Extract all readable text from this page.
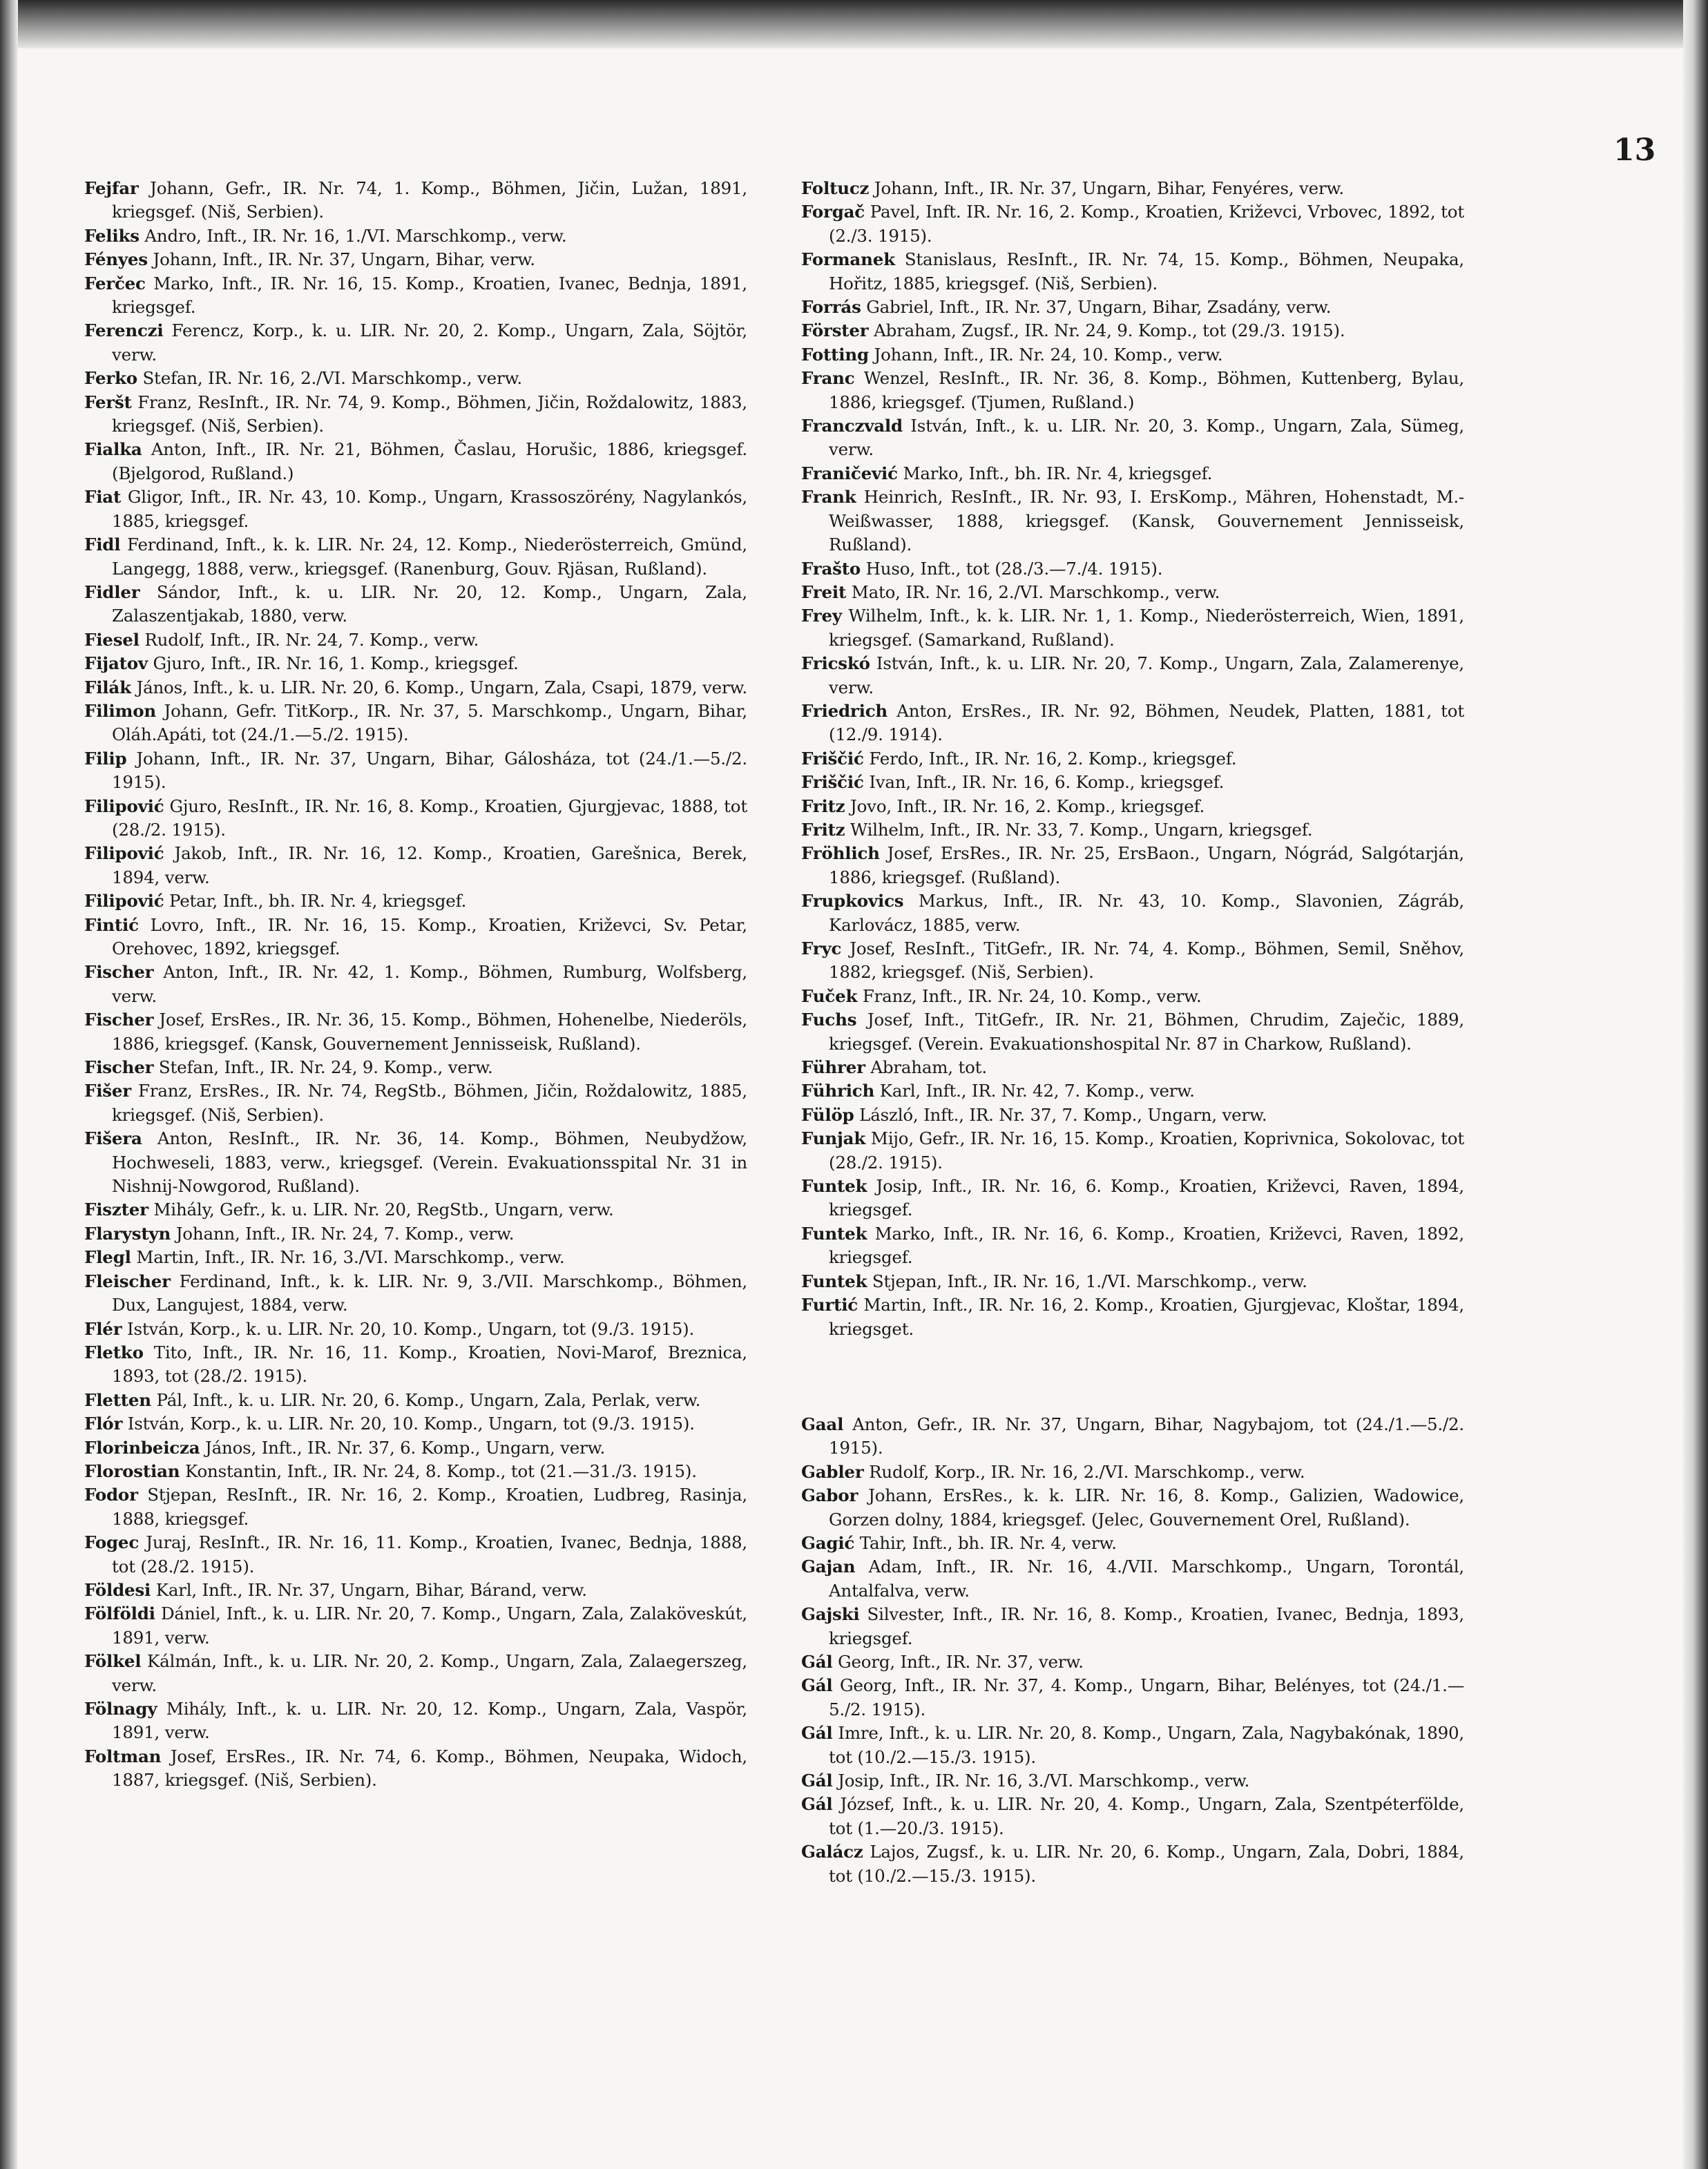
13

Fejfar Johann, Gefr., IR. Nr. 74, 1. Komp., Böhmen, Jičin, Lužan, 1891, kriegsgef. (Niš, Serbien).

Feliks Andro, Inft., IR. Nr. 16, 1./VI. Marschkomp., verw.

Fényes Johann, Inft., IR. Nr. 37, Ungarn, Bihar, verw.

Ferčec Marko, Inft., IR. Nr. 16, 15. Komp., Kroatien, Ivanec, Bednja, 1891, kriegsgef.

Ferenczi Ferencz, Korp., k. u. LIR. Nr. 20, 2. Komp., Ungarn, Zala, Söjtör, verw.

Ferko Stefan, IR. Nr. 16, 2./VI. Marschkomp., verw.

Feršt Franz, ResInft., IR. Nr. 74, 9. Komp., Böhmen, Jičin, Roždalowitz, 1883, kriegsgef. (Niš, Serbien).

Fialka Anton, Inft., IR. Nr. 21, Böhmen, Časlau, Horušic, 1886, kriegsgef. (Bjelgorod, Rußland.)

Fiat Gligor, Inft., IR. Nr. 43, 10. Komp., Ungarn, Krassoszörény, Nagylankós, 1885, kriegsgef.

Fidl Ferdinand, Inft., k. k. LIR. Nr. 24, 12. Komp., Niederösterreich, Gmünd, Langegg, 1888, verw., kriegsgef. (Ranenburg, Gouv. Rjäsan, Rußland).

Fidler Sándor, Inft., k. u. LIR. Nr. 20, 12. Komp., Ungarn, Zala, Zalaszentjakab, 1880, verw.

Fiesel Rudolf, Inft., IR. Nr. 24, 7. Komp., verw.

Fijatov Gjuro, Inft., IR. Nr. 16, 1. Komp., kriegsgef.

Filák János, Inft., k. u. LIR. Nr. 20, 6. Komp., Ungarn, Zala, Csapi, 1879, verw.

Filimon Johann, Gefr. TitKorp., IR. Nr. 37, 5. Marschkomp., Ungarn, Bihar, Oláh.Apáti, tot (24./1.—5./2. 1915).

Filip Johann, Inft., IR. Nr. 37, Ungarn, Bihar, Gálosháza, tot (24./1.—5./2. 1915).

Filipović Gjuro, ResInft., IR. Nr. 16, 8. Komp., Kroatien, Gjurgjevac, 1888, tot (28./2. 1915).

Filipović Jakob, Inft., IR. Nr. 16, 12. Komp., Kroatien, Garešnica, Berek, 1894, verw.

Filipović Petar, Inft., bh. IR. Nr. 4, kriegsgef.

Fintić Lovro, Inft., IR. Nr. 16, 15. Komp., Kroatien, Križevci, Sv. Petar, Orehovec, 1892, kriegsgef.

Fischer Anton, Inft., IR. Nr. 42, 1. Komp., Böhmen, Rumburg, Wolfsberg, verw.

Fischer Josef, ErsRes., IR. Nr. 36, 15. Komp., Böhmen, Hohenelbe, Niederöls, 1886, kriegsgef. (Kansk, Gouvernement Jennisseisk, Rußland).

Fischer Stefan, Inft., IR. Nr. 24, 9. Komp., verw.

Fišer Franz, ErsRes., IR. Nr. 74, RegStb., Böhmen, Jičin, Roždalowitz, 1885, kriegsgef. (Niš, Serbien).

Fišera Anton, ResInft., IR. Nr. 36, 14. Komp., Böhmen, Neubydžow, Hochweseli, 1883, verw., kriegsgef. (Verein. Evakuationsspital Nr. 31 in Nishnij-Nowgorod, Rußland).

Fiszter Mihály, Gefr., k. u. LIR. Nr. 20, RegStb., Ungarn, verw.

Flarystyn Johann, Inft., IR. Nr. 24, 7. Komp., verw.

Flegl Martin, Inft., IR. Nr. 16, 3./VI. Marschkomp., verw.

Fleischer Ferdinand, Inft., k. k. LIR. Nr. 9, 3./VII. Marschkomp., Böhmen, Dux, Langujest, 1884, verw.

Flér István, Korp., k. u. LIR. Nr. 20, 10. Komp., Ungarn, tot (9./3. 1915).

Fletko Tito, Inft., IR. Nr. 16, 11. Komp., Kroatien, Novi-Marof, Breznica, 1893, tot (28./2. 1915).

Fletten Pál, Inft., k. u. LIR. Nr. 20, 6. Komp., Ungarn, Zala, Perlak, verw.

Flór István, Korp., k. u. LIR. Nr. 20, 10. Komp., Ungarn, tot (9./3. 1915).

Florinbeicza János, Inft., IR. Nr. 37, 6. Komp., Ungarn, verw.

Florostian Konstantin, Inft., IR. Nr. 24, 8. Komp., tot (21.—31./3. 1915).

Fodor Stjepan, ResInft., IR. Nr. 16, 2. Komp., Kroatien, Ludbreg, Rasinja, 1888, kriegsgef.

Fogec Juraj, ResInft., IR. Nr. 16, 11. Komp., Kroatien, Ivanec, Bednja, 1888, tot (28./2. 1915).

Földesi Karl, Inft., IR. Nr. 37, Ungarn, Bihar, Bárand, verw.

Fölföldi Dániel, Inft., k. u. LIR. Nr. 20, 7. Komp., Ungarn, Zala, Zalaköveskút, 1891, verw.

Fölkel Kálmán, Inft., k. u. LIR. Nr. 20, 2. Komp., Ungarn, Zala, Zalaegerszeg, verw.

Fölnagy Mihály, Inft., k. u. LIR. Nr. 20, 12. Komp., Ungarn, Zala, Vaspör, 1891, verw.

Foltman Josef, ErsRes., IR. Nr. 74, 6. Komp., Böhmen, Neupaka, Widoch, 1887, kriegsgef. (Niš, Serbien).

Foltucz Johann, Inft., IR. Nr. 37, Ungarn, Bihar, Fenyéres, verw.

Forgač Pavel, Inft. IR. Nr. 16, 2. Komp., Kroatien, Križevci, Vrbovec, 1892, tot (2./3. 1915).

Formanek Stanislaus, ResInft., IR. Nr. 74, 15. Komp., Böhmen, Neupaka, Hořitz, 1885, kriegsgef. (Niš, Serbien).

Forrás Gabriel, Inft., IR. Nr. 37, Ungarn, Bihar, Zsadány, verw.

Förster Abraham, Zugsf., IR. Nr. 24, 9. Komp., tot (29./3. 1915).

Fotting Johann, Inft., IR. Nr. 24, 10. Komp., verw.

Franc Wenzel, ResInft., IR. Nr. 36, 8. Komp., Böhmen, Kuttenberg, Bylau, 1886, kriegsgef. (Tjumen, Rußland.)

Franczvald István, Inft., k. u. LIR. Nr. 20, 3. Komp., Ungarn, Zala, Sümeg, verw.

Franičević Marko, Inft., bh. IR. Nr. 4, kriegsgef.

Frank Heinrich, ResInft., IR. Nr. 93, I. ErsKomp., Mähren, Hohenstadt, M.-Weißwasser, 1888, kriegsgef. (Kansk, Gouvernement Jennisseisk, Rußland).

Frašto Huso, Inft., tot (28./3.—7./4. 1915).

Freit Mato, IR. Nr. 16, 2./VI. Marschkomp., verw.

Frey Wilhelm, Inft., k. k. LIR. Nr. 1, 1. Komp., Niederösterreich, Wien, 1891, kriegsgef. (Samarkand, Rußland).

Fricskó István, Inft., k. u. LIR. Nr. 20, 7. Komp., Ungarn, Zala, Zalamerenye, verw.

Friedrich Anton, ErsRes., IR. Nr. 92, Böhmen, Neudek, Platten, 1881, tot (12./9. 1914).

Friščić Ferdo, Inft., IR. Nr. 16, 2. Komp., kriegsgef.

Friščić Ivan, Inft., IR. Nr. 16, 6. Komp., kriegsgef.

Fritz Jovo, Inft., IR. Nr. 16, 2. Komp., kriegsgef.

Fritz Wilhelm, Inft., IR. Nr. 33, 7. Komp., Ungarn, kriegsgef.

Fröhlich Josef, ErsRes., IR. Nr. 25, ErsBaon., Ungarn, Nógrád, Salgótarján, 1886, kriegsgef. (Rußland).

Frupkovics Markus, Inft., IR. Nr. 43, 10. Komp., Slavonien, Zágráb, Karlovácz, 1885, verw.

Fryc Josef, ResInft., TitGefr., IR. Nr. 74, 4. Komp., Böhmen, Semil, Sněhov, 1882, kriegsgef. (Niš, Serbien).

Fuček Franz, Inft., IR. Nr. 24, 10. Komp., verw.

Fuchs Josef, Inft., TitGefr., IR. Nr. 21, Böhmen, Chrudim, Zaječic, 1889, kriegsgef. (Verein. Evakuationshospital Nr. 87 in Charkow, Rußland).

Führer Abraham, tot.

Führich Karl, Inft., IR. Nr. 42, 7. Komp., verw.

Fülöp László, Inft., IR. Nr. 37, 7. Komp., Ungarn, verw.

Funjak Mijo, Gefr., IR. Nr. 16, 15. Komp., Kroatien, Koprivnica, Sokolovac, tot (28./2. 1915).

Funtek Josip, Inft., IR. Nr. 16, 6. Komp., Kroatien, Križevci, Raven, 1894, kriegsgef.

Funtek Marko, Inft., IR. Nr. 16, 6. Komp., Kroatien, Križevci, Raven, 1892, kriegsgef.

Funtek Stjepan, Inft., IR. Nr. 16, 1./VI. Marschkomp., verw.

Furtić Martin, Inft., IR. Nr. 16, 2. Komp., Kroatien, Gjurgjevac, Kloštar, 1894, kriegsget.

Gaal Anton, Gefr., IR. Nr. 37, Ungarn, Bihar, Nagybajom, tot (24./1.—5./2. 1915).

Gabler Rudolf, Korp., IR. Nr. 16, 2./VI. Marschkomp., verw.

Gabor Johann, ErsRes., k. k. LIR. Nr. 16, 8. Komp., Galizien, Wadowice, Gorzen dolny, 1884, kriegsgef. (Jelec, Gouvernement Orel, Rußland).

Gagić Tahir, Inft., bh. IR. Nr. 4, verw.

Gajan Adam, Inft., IR. Nr. 16, 4./VII. Marschkomp., Ungarn, Torontál, Antalfalva, verw.

Gajski Silvester, Inft., IR. Nr. 16, 8. Komp., Kroatien, Ivanec, Bednja, 1893, kriegsgef.

Gál Georg, Inft., IR. Nr. 37, verw.

Gál Georg, Inft., IR. Nr. 37, 4. Komp., Ungarn, Bihar, Belényes, tot (24./1.—5./2. 1915).

Gál Imre, Inft., k. u. LIR. Nr. 20, 8. Komp., Ungarn, Zala, Nagybakónak, 1890, tot (10./2.—15./3. 1915).

Gál Josip, Inft., IR. Nr. 16, 3./VI. Marschkomp., verw.

Gál József, Inft., k. u. LIR. Nr. 20, 4. Komp., Ungarn, Zala, Szentpéterfölde, tot (1.—20./3. 1915).

Galácz Lajos, Zugsf., k. u. LIR. Nr. 20, 6. Komp., Ungarn, Zala, Dobri, 1884, tot (10./2.—15./3. 1915).
